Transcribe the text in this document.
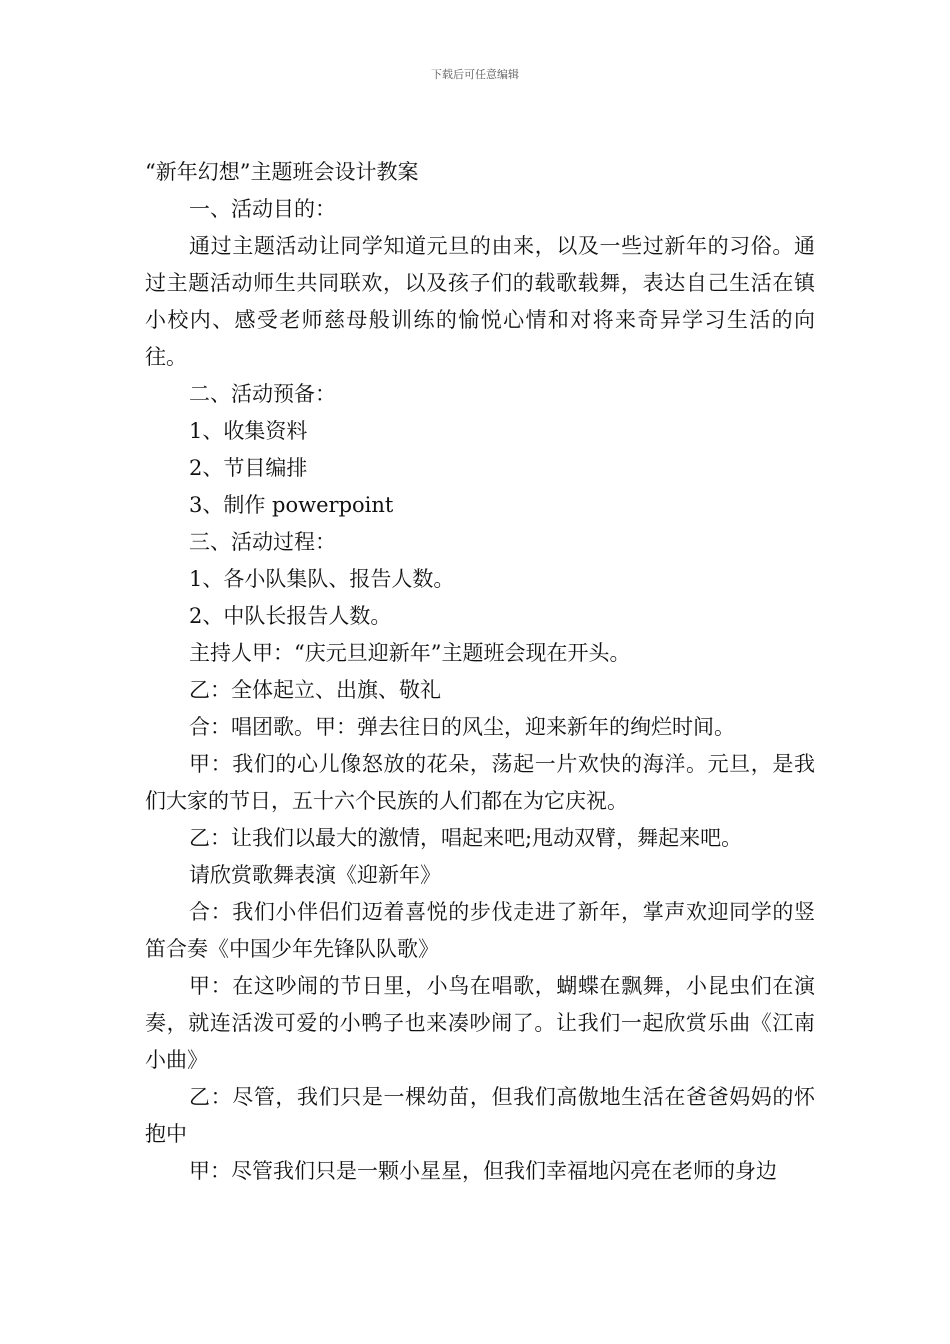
下载后可任意编辑

“新年幻想”主题班会设计教案

一、活动目的：

通过主题活动让同学知道元旦的由来，以及一些过新年的习俗。通过主题活动师生共同联欢，以及孩子们的载歌载舞，表达自己生活在镇小校内、感受老师慈母般训练的愉悦心情和对将来奇异学习生活的向往。

二、活动预备：

1、收集资料

2、节目编排

3、制作 powerpoint

三、活动过程：

1、各小队集队、报告人数。

2、中队长报告人数。

主持人甲：“庆元旦迎新年”主题班会现在开头。

乙：全体起立、出旗、敬礼

合：唱团歌。甲：弹去往日的风尘，迎来新年的绚烂时间。

甲：我们的心儿像怒放的花朵，荡起一片欢快的海洋。元旦，是我们大家的节日，五十六个民族的人们都在为它庆祝。

乙：让我们以最大的激情，唱起来吧;甩动双臂，舞起来吧。

请欣赏歌舞表演《迎新年》

合：我们小伴侣们迈着喜悦的步伐走进了新年，掌声欢迎同学的竖笛合奏《中国少年先锋队队歌》

甲：在这吵闹的节日里，小鸟在唱歌，蝴蝶在飘舞，小昆虫们在演奏，就连活泼可爱的小鸭子也来凑吵闹了。让我们一起欣赏乐曲《江南小曲》

乙：尽管，我们只是一棵幼苗，但我们高傲地生活在爸爸妈妈的怀抱中

甲：尽管我们只是一颗小星星，但我们幸福地闪亮在老师的身边
